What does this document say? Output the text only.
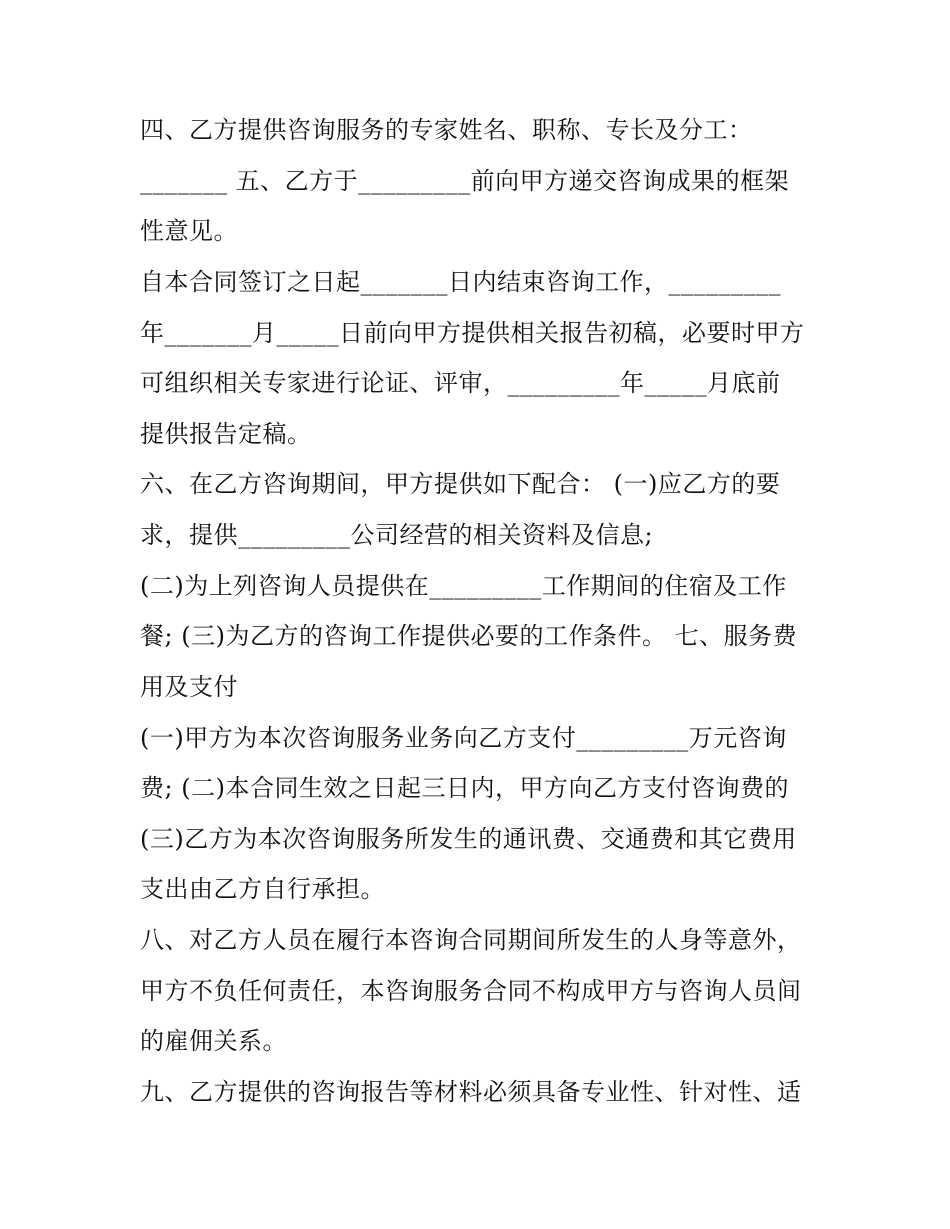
四、乙方提供咨询服务的专家姓名、职称、专长及分工：
_______ 五、乙方于_________前向甲方递交咨询成果的框架
性意见。
自本合同签订之日起_______日内结束咨询工作，_________
年_______月_____日前向甲方提供相关报告初稿，必要时甲方
可组织相关专家进行论证、评审，_________年_____月底前
提供报告定稿。
六、在乙方咨询期间，甲方提供如下配合： (一)应乙方的要
求，提供_________公司经营的相关资料及信息;
(二)为上列咨询人员提供在_________工作期间的住宿及工作
餐; (三)为乙方的咨询工作提供必要的工作条件。 七、服务费
用及支付
(一)甲方为本次咨询服务业务向乙方支付_________万元咨询
费; (二)本合同生效之日起三日内，甲方向乙方支付咨询费的
(三)乙方为本次咨询服务所发生的通讯费、交通费和其它费用
支出由乙方自行承担。
八、对乙方人员在履行本咨询合同期间所发生的人身等意外，
甲方不负任何责任，本咨询服务合同不构成甲方与咨询人员间
的雇佣关系。
九、乙方提供的咨询报告等材料必须具备专业性、针对性、适
